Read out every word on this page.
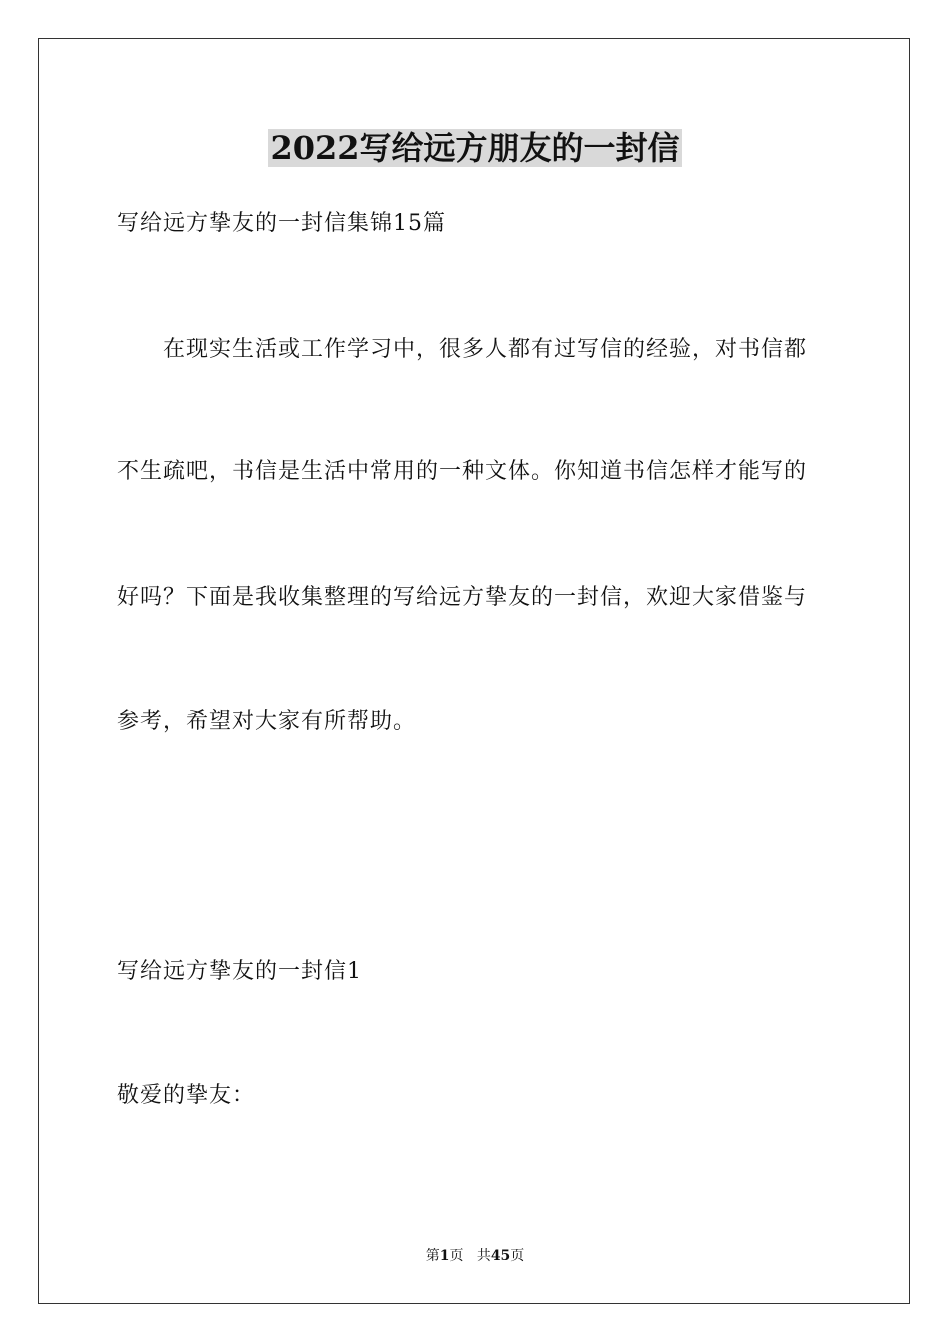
2022写给远方朋友的一封信
写给远方挚友的一封信集锦15篇
在现实生活或工作学习中，很多人都有过写信的经验，对书信都
不生疏吧，书信是生活中常用的一种文体。你知道书信怎样才能写的
好吗？下面是我收集整理的写给远方挚友的一封信，欢迎大家借鉴与
参考，希望对大家有所帮助。
写给远方挚友的一封信1
敬爱的挚友：
第1页 共45页
